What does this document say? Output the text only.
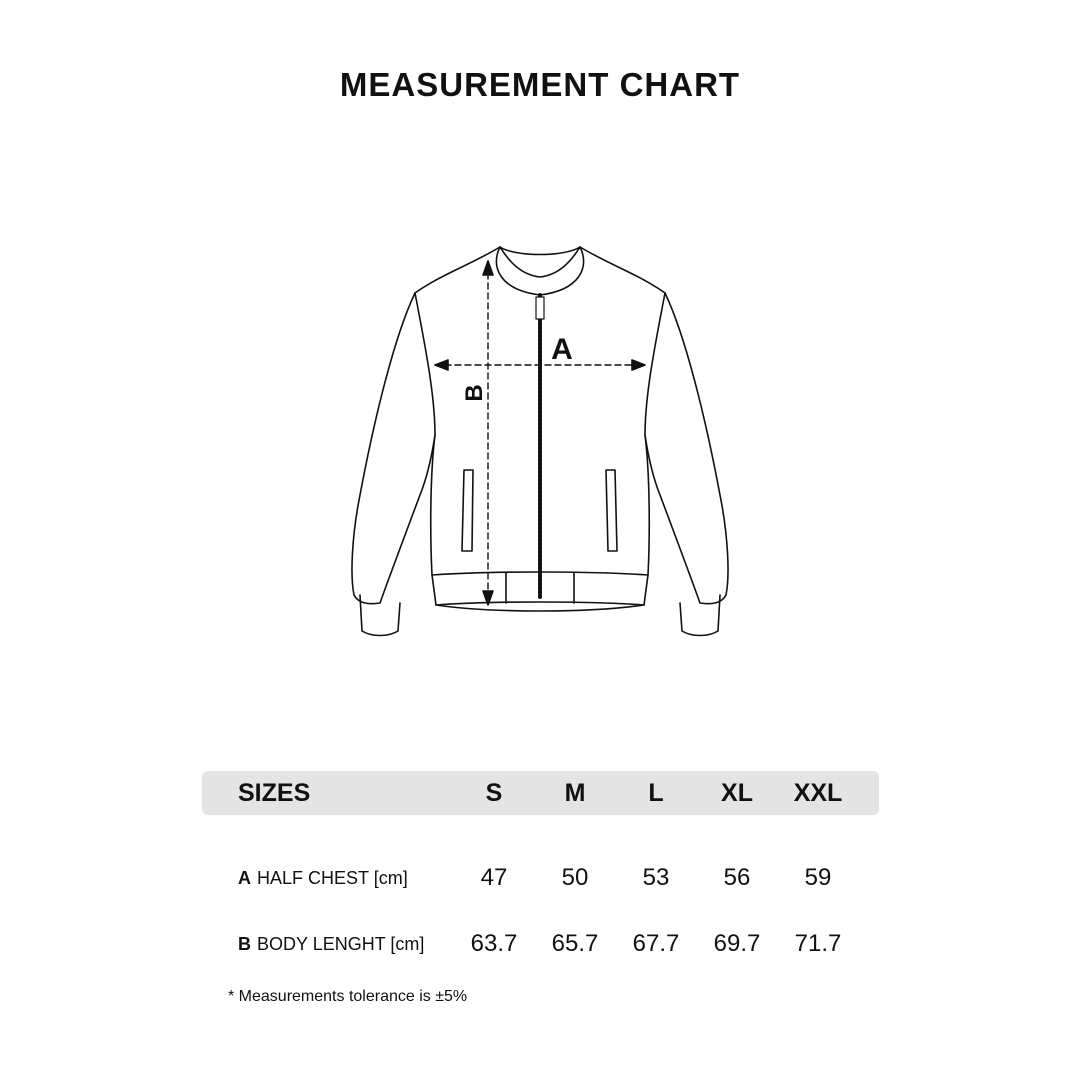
MEASUREMENT CHART
A
B
SIZES	S	M	L	XL	XXL
A HALF CHEST [cm]	47	50	53	56	59
B BODY LENGHT [cm]	63.7	65.7	67.7	69.7	71.7
* Measurements tolerance is ±5%
